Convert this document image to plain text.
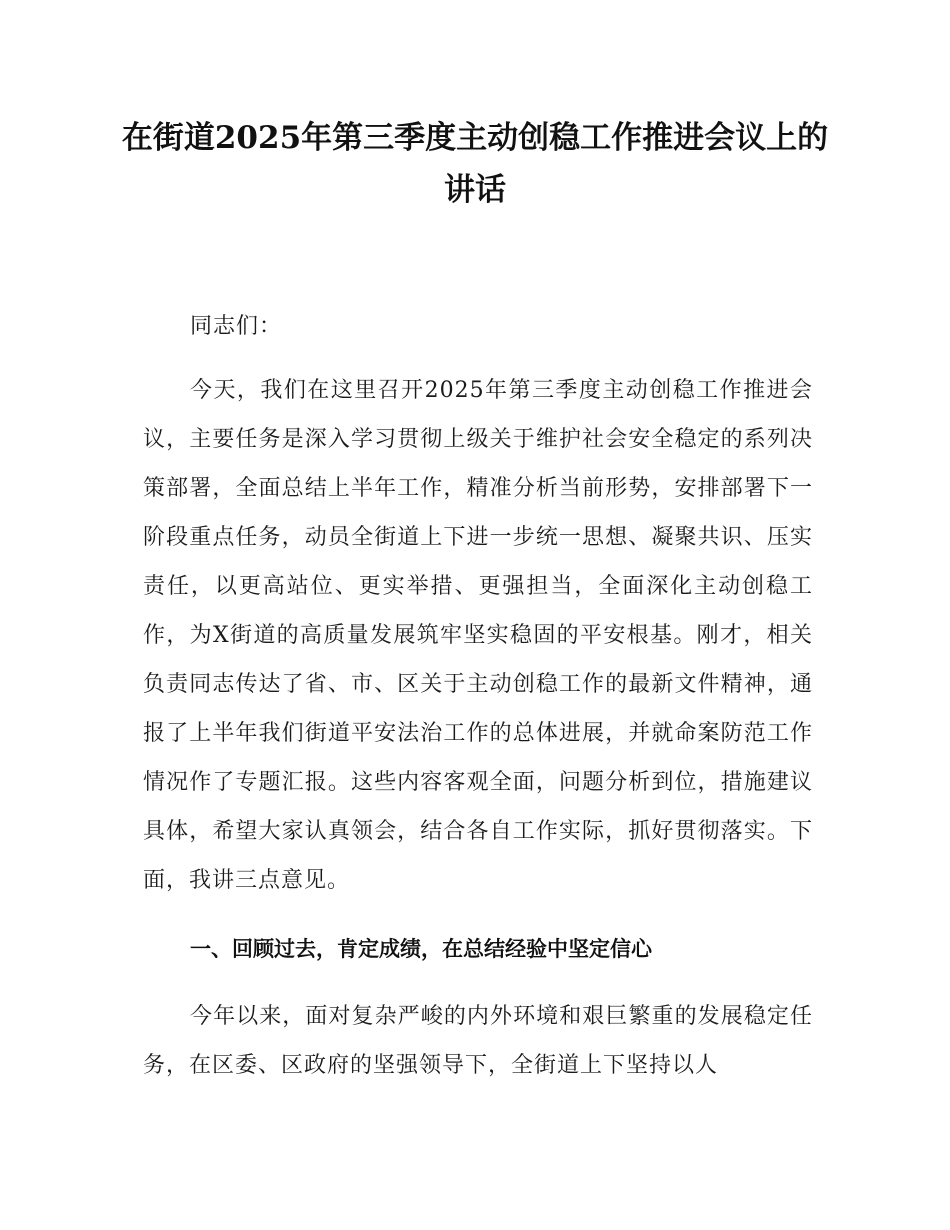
在街道2025年第三季度主动创稳工作推进会议上的讲话

同志们：

今天，我们在这里召开2025年第三季度主动创稳工作推进会议，主要任务是深入学习贯彻上级关于维护社会安全稳定的系列决策部署，全面总结上半年工作，精准分析当前形势，安排部署下一阶段重点任务，动员全街道上下进一步统一思想、凝聚共识、压实责任，以更高站位、更实举措、更强担当，全面深化主动创稳工作，为X街道的高质量发展筑牢坚实稳固的平安根基。刚才，相关负责同志传达了省、市、区关于主动创稳工作的最新文件精神，通报了上半年我们街道平安法治工作的总体进展，并就命案防范工作情况作了专题汇报。这些内容客观全面，问题分析到位，措施建议具体，希望大家认真领会，结合各自工作实际，抓好贯彻落实。下面，我讲三点意见。

一、回顾过去，肯定成绩，在总结经验中坚定信心

今年以来，面对复杂严峻的内外环境和艰巨繁重的发展稳定任务，在区委、区政府的坚强领导下，全街道上下坚持以人
